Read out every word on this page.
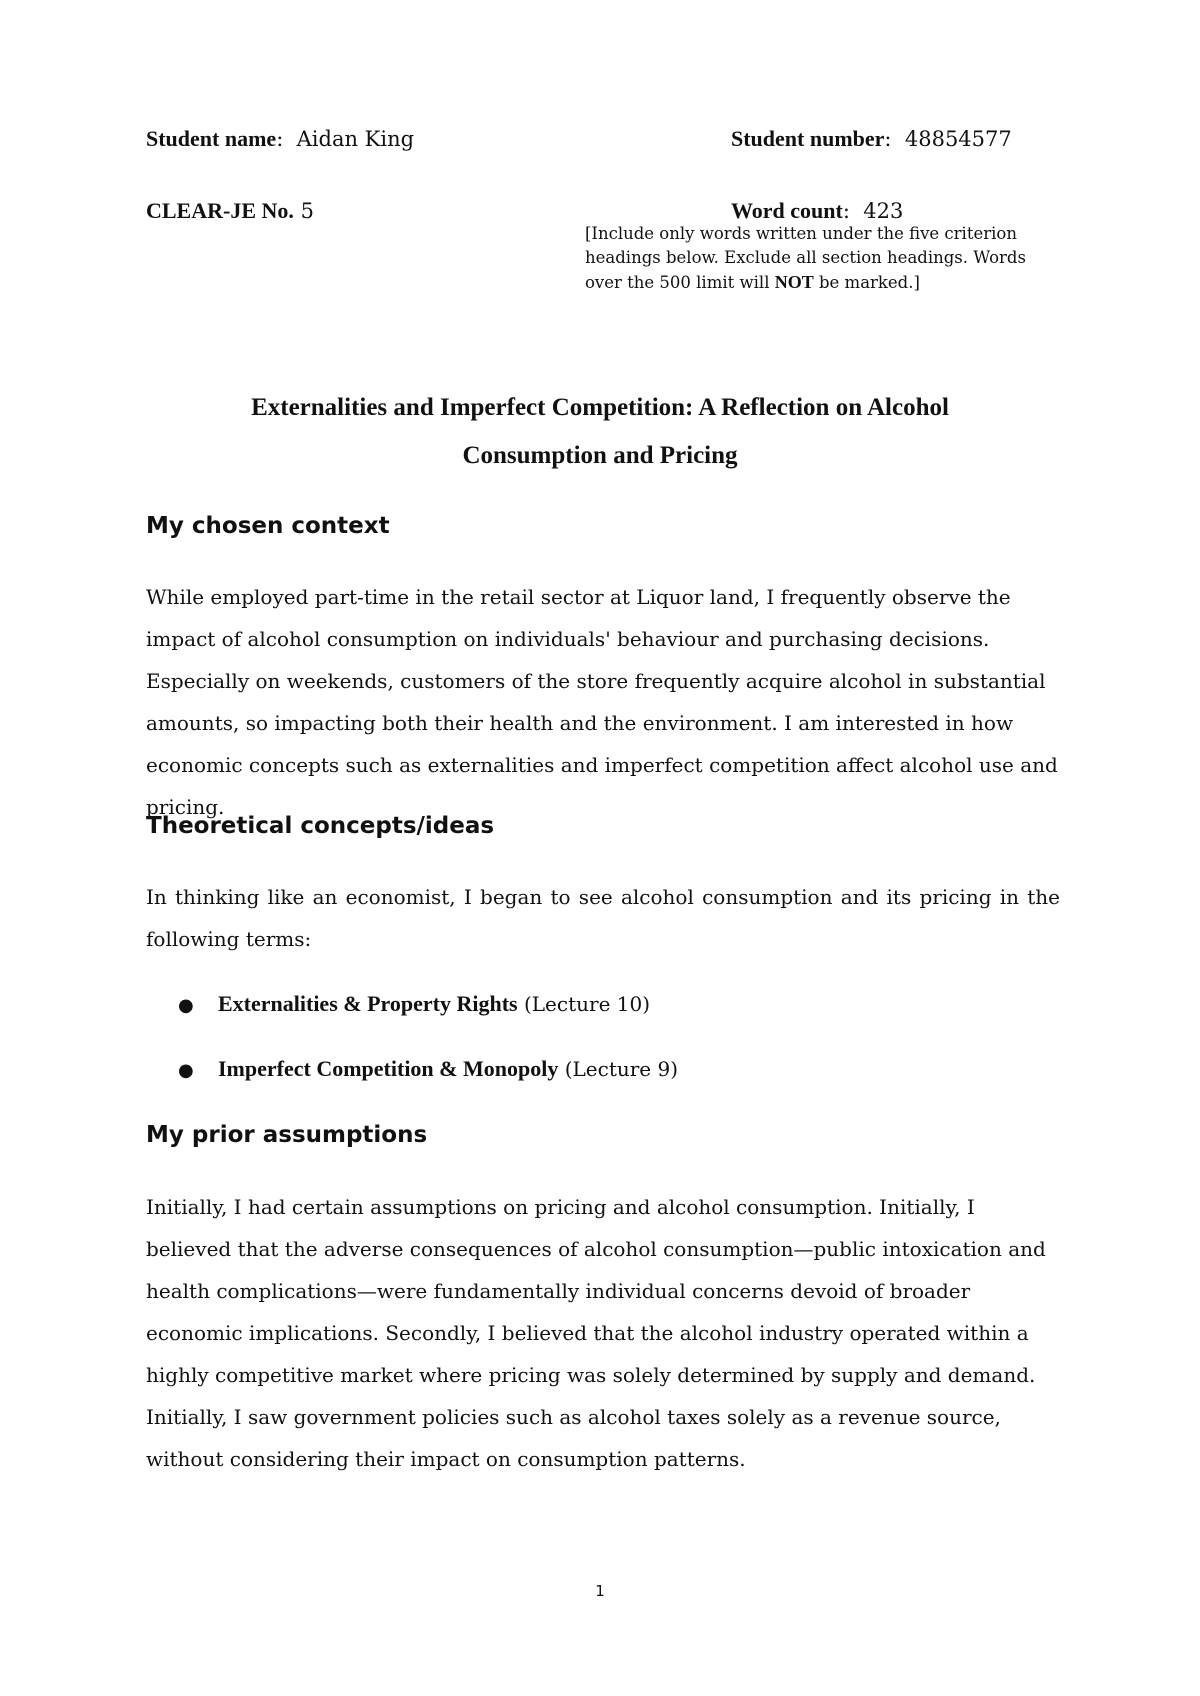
Student name:  Aidan King	Student number:  48854577
CLEAR-JE No. 5	Word count:  423
[Include only words written under the five criterion headings below. Exclude all section headings. Words over the 500 limit will NOT be marked.]
Externalities and Imperfect Competition: A Reflection on Alcohol
Consumption and Pricing
My chosen context
While employed part-time in the retail sector at Liquor land, I frequently observe the impact of alcohol consumption on individuals' behaviour and purchasing decisions. Especially on weekends, customers of the store frequently acquire alcohol in substantial amounts, so impacting both their health and the environment. I am interested in how economic concepts such as externalities and imperfect competition affect alcohol use and pricing.
Theoretical concepts/ideas
In thinking like an economist, I began to see alcohol consumption and its pricing in the following terms:
● Externalities & Property Rights (Lecture 10)
● Imperfect Competition & Monopoly (Lecture 9)
My prior assumptions
Initially, I had certain assumptions on pricing and alcohol consumption. Initially, I believed that the adverse consequences of alcohol consumption—public intoxication and health complications—were fundamentally individual concerns devoid of broader economic implications. Secondly, I believed that the alcohol industry operated within a highly competitive market where pricing was solely determined by supply and demand. Initially, I saw government policies such as alcohol taxes solely as a revenue source, without considering their impact on consumption patterns.
1
